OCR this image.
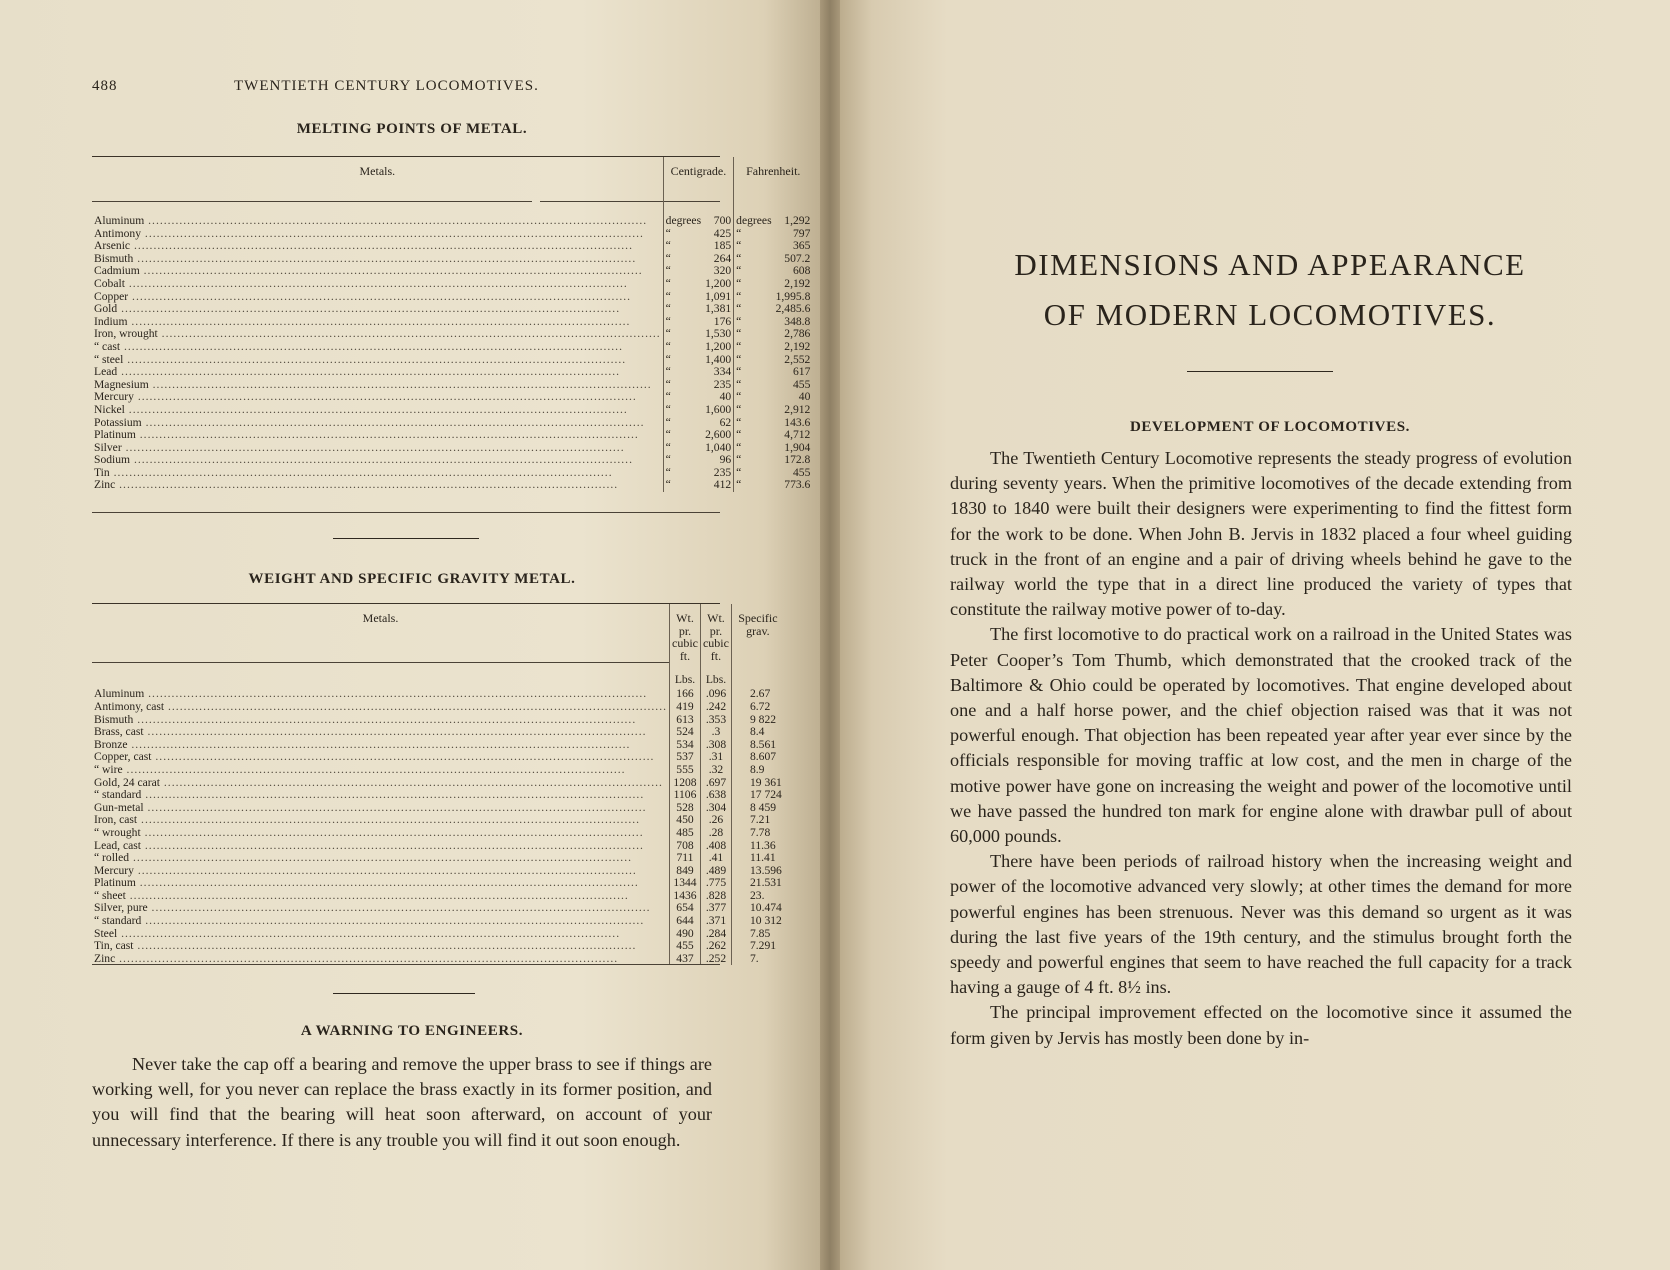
488	TWENTIETH CENTURY LOCOMOTIVES.
MELTING POINTS OF METAL.
Metals.	Centigrade.		Fahrenheit.	

Aluminum .....	degrees	700	degrees	1,292
Antimony .....	“	425	“	797
Arsenic .....	“	185	“	365
Bismuth .....	“	264	“	507.2
Cadmium .....	“	320	“	608
Cobalt .....	“	1,200	“	2,192
Copper .....	“	1,091	“	1,995.8
Gold .....	“	1,381	“	2,485.6
Indium .....	“	176	“	348.8
Iron, wrought .....	“	1,530	“	2,786
“ cast .....	“	1,200	“	2,192
“ steel .....	“	1,400	“	2,552
Lead .....	“	334	“	617
Magnesium .....	“	235	“	455
Mercury .....	“	40	“	40
Nickel .....	“	1,600	“	2,912
Potassium .....	“	62	“	143.6
Platinum .....	“	2,600	“	4,712
Silver .....	“	1,040	“	1,904
Sodium .....	“	96	“	172.8
Tin .....	“	235	“	455
Zinc .....	“	412	“	773.6
WEIGHT AND SPECIFIC GRAVITY METAL.
Metals.	Wt. pr. cubic ft.	Wt. pr. cubic ft.	Specific grav.
	Lbs.	Lbs.	
Aluminum .....	166	.096	2.67
Antimony, cast .....	419	.242	6.72
Bismuth .....	613	.353	9 822
Brass, cast .....	524	.3	8.4
Bronze .....	534	.308	8.561
Copper, cast .....	537	.31	8.607
“ wire .....	555	.32	8.9
Gold, 24 carat .....	1208	.697	19 361
“ standard .....	1106	.638	17 724
Gun-metal .....	528	.304	8 459
Iron, cast .....	450	.26	7.21
“ wrought .....	485	.28	7.78
Lead, cast .....	708	.408	11.36
“ rolled .....	711	.41	11.41
Mercury .....	849	.489	13.596
Platinum .....	1344	.775	21.531
“ sheet .....	1436	.828	23.
Silver, pure .....	654	.377	10.474
“ standard .....	644	.371	10 312
Steel .....	490	.284	7.85
Tin, cast .....	455	.262	7.291
Zinc .....	437	.252	7.
A WARNING TO ENGINEERS.

Never take the cap off a bearing and remove the upper brass to see if things are working well, for you never can replace the brass exactly in its former position, and you will find that the bearing will heat soon afterward, on account of your unnecessary interference. If there is any trouble you will find it out soon enough.

DIMENSIONS AND APPEARANCE
OF MODERN LOCOMOTIVES.
DEVELOPMENT OF LOCOMOTIVES.

The Twentieth Century Locomotive represents the steady progress of evolution during seventy years. When the primitive locomotives of the decade extending from 1830 to 1840 were built their designers were experimenting to find the fittest form for the work to be done. When John B. Jervis in 1832 placed a four wheel guiding truck in the front of an engine and a pair of driving wheels behind he gave to the railway world the type that in a direct line produced the variety of types that constitute the railway motive power of to-day.

The first locomotive to do practical work on a railroad in the United States was Peter Cooper’s Tom Thumb, which demonstrated that the crooked track of the Baltimore & Ohio could be operated by locomotives. That engine developed about one and a half horse power, and the chief objection raised was that it was not powerful enough. That objection has been repeated year after year ever since by the officials responsible for moving traffic at low cost, and the men in charge of the motive power have gone on increasing the weight and power of the locomotive until we have passed the hundred ton mark for engine alone with drawbar pull of about 60,000 pounds.

There have been periods of railroad history when the increasing weight and power of the locomotive advanced very slowly; at other times the demand for more powerful engines has been strenuous. Never was this demand so urgent as it was during the last five years of the 19th century, and the stimulus brought forth the speedy and powerful engines that seem to have reached the full capacity for a track having a gauge of 4 ft. 8½ ins.

The principal improvement effected on the locomotive since it assumed the form given by Jervis has mostly been done by in-
